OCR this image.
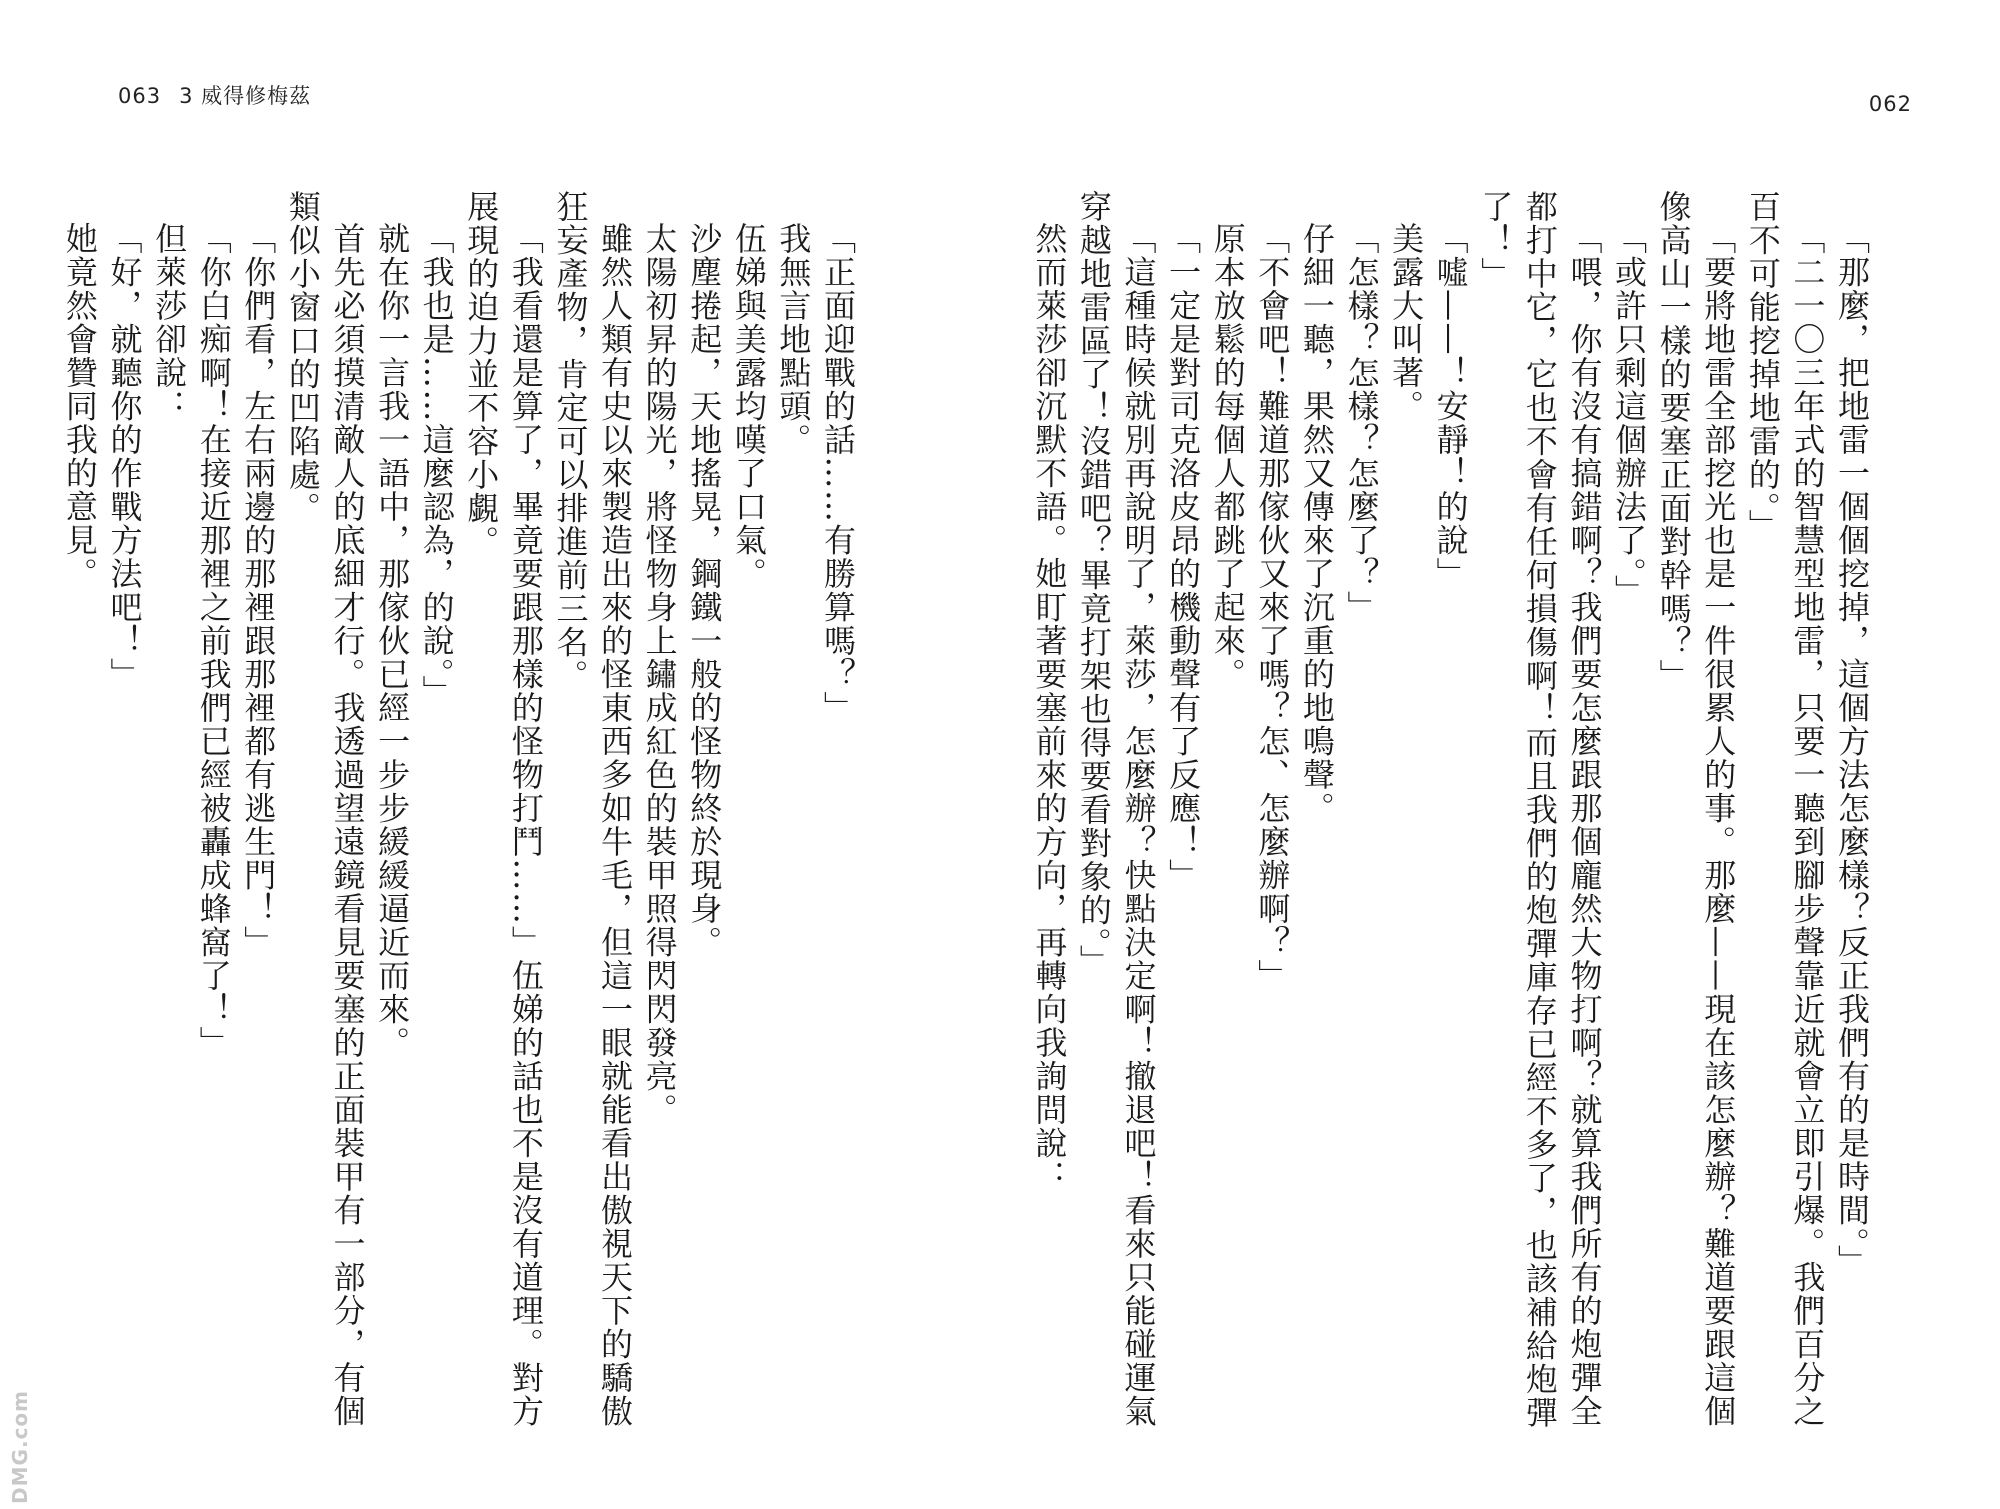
063 3 威得修梅茲	062

「那麼，把地雷一個個挖掉，這個方法怎麼樣？反正我們有的是時間。」

「二一〇三年式的智慧型地雷，只要一聽到腳步聲靠近就會立即引爆。我們百分之百不可能挖掉地雷的。」

「要將地雷全部挖光也是一件很累人的事。那麼——現在該怎麼辦？難道要跟這個像高山一樣的要塞正面對幹嗎？」

「或許只剩這個辦法了。」

「喂，你有沒有搞錯啊？我們要怎麼跟那個龐然大物打啊？就算我們所有的炮彈全都打中它，它也不會有任何損傷啊！而且我們的炮彈庫存已經不多了，也該補給炮彈了！」

「噓——！安靜！的說」

美露大叫著。

「怎樣？怎樣？怎麼了？」

仔細一聽，果然又傳來了沉重的地鳴聲。

「不會吧！難道那傢伙又來了嗎？怎、怎麼辦啊？」

原本放鬆的每個人都跳了起來。

「一定是對司克洛皮昂的機動聲有了反應！」

「這種時候就別再說明了，萊莎，怎麼辦？快點決定啊！撤退吧！看來只能碰運氣穿越地雷區了！沒錯吧？畢竟打架也得要看對象的。」

然而萊莎卻沉默不語。她盯著要塞前來的方向，再轉向我詢問說：

「正面迎戰的話……有勝算嗎？」

我無言地點頭。

伍娣與美露均嘆了口氣。

沙塵捲起，天地搖晃，鋼鐵一般的怪物終於現身。

太陽初昇的陽光，將怪物身上鏽成紅色的裝甲照得閃閃發亮。

雖然人類有史以來製造出來的怪東西多如牛毛，但這一眼就能看出傲視天下的驕傲狂妄產物，肯定可以排進前三名。

「我看還是算了，畢竟要跟那樣的怪物打鬥……」伍娣的話也不是沒有道理。對方展現的迫力並不容小覷。

「我也是……這麼認為，的說。」

就在你一言我一語中，那傢伙已經一步步緩緩逼近而來。

首先必須摸清敵人的底細才行。我透過望遠鏡看見要塞的正面裝甲有一部分，有個類似小窗口的凹陷處。

「你們看，左右兩邊的那裡跟那裡都有逃生門！」

「你白痴啊！在接近那裡之前我們已經被轟成蜂窩了！」

但萊莎卻說：

「好，就聽你的作戰方法吧！」

她竟然會贊同我的意見。

DMG.com
